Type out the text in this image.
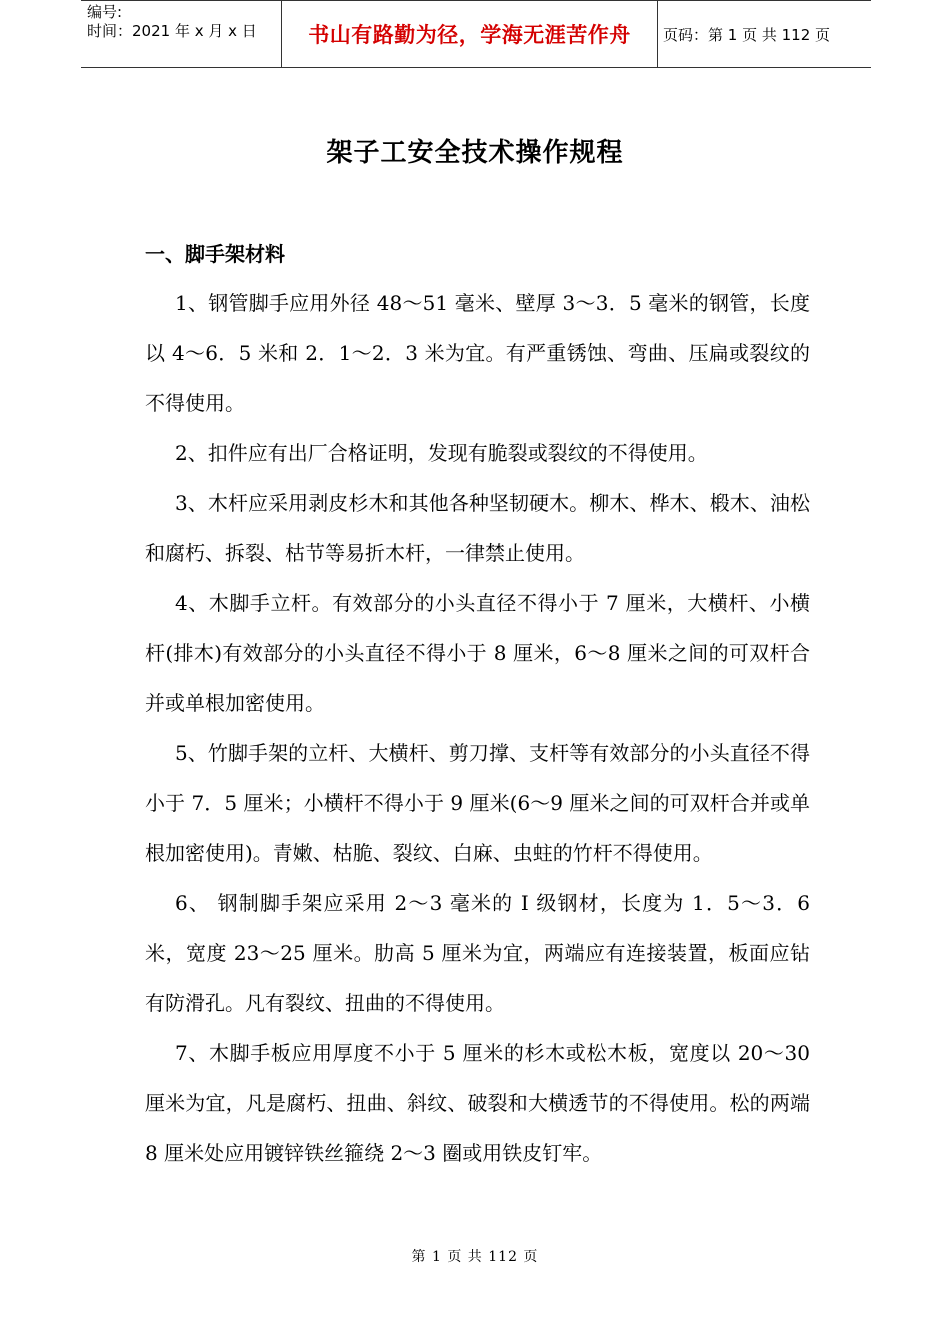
编号:
时间：2021 年 x 月 x 日	书山有路勤为径，学海无涯苦作舟 页码：第 1 页 共 112 页
架子工安全技术操作规程
一、脚手架材料

1、钢管脚手应用外径 48～51 毫米、壁厚 3～3．5 毫米的钢管，长度以 4～6．5 米和 2．1～2．3 米为宜。有严重锈蚀、弯曲、压扁或裂纹的不得使用。

2、扣件应有出厂合格证明，发现有脆裂或裂纹的不得使用。

3、木杆应采用剥皮杉木和其他各种坚韧硬木。柳木、桦木、椴木、油松和腐朽、拆裂、枯节等易折木杆，一律禁止使用。

4、木脚手立杆。有效部分的小头直径不得小于 7 厘米，大横杆、小横杆(排木)有效部分的小头直径不得小于 8 厘米，6～8 厘米之间的可双杆合并或单根加密使用。

5、竹脚手架的立杆、大横杆、剪刀撑、支杆等有效部分的小头直径不得小于 7．5 厘米；小横杆不得小于 9 厘米(6～9 厘米之间的可双杆合并或单根加密使用)。青嫩、枯脆、裂纹、白麻、虫蛀的竹杆不得使用。

6、 钢制脚手架应采用 2～3 毫米的 I 级钢材，长度为 1．5～3．6 米，宽度 23～25 厘米。肋高 5 厘米为宜，两端应有连接装置，板面应钻有防滑孔。凡有裂纹、扭曲的不得使用。

7、木脚手板应用厚度不小于 5 厘米的杉木或松木板，宽度以 20～30 厘米为宜，凡是腐朽、扭曲、斜纹、破裂和大横透节的不得使用。松的两端 8 厘米处应用镀锌铁丝箍绕 2～3 圈或用铁皮钉牢。

第 1 页 共 112 页
